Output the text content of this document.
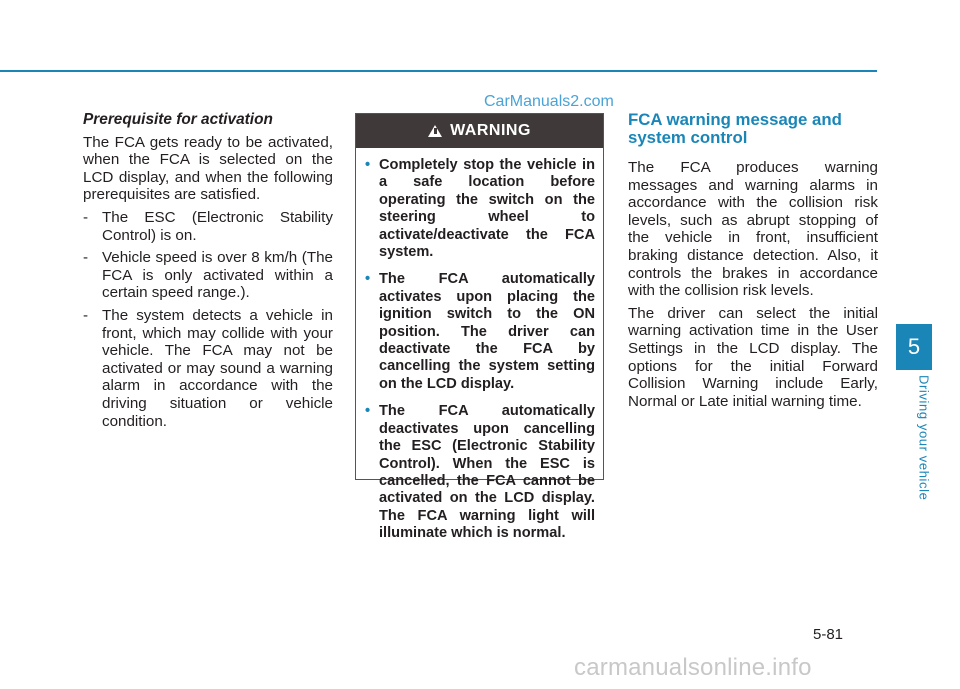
CarManuals2.com

Prerequisite for activation

The FCA gets ready to be activated, when the FCA is selected on the LCD display, and when the following prerequisites are satisfied.

- The ESC (Electronic Stability Control) is on.

- Vehicle speed is over 8 km/h (The FCA is only activated within a certain speed range.).

- The system detects a vehicle in front, which may collide with your vehicle. The FCA may not be activated or may sound a warning alarm in accordance with the driving situation or vehicle condition.

WARNING
• Completely stop the vehicle in a safe location before operating the switch on the steering wheel to activate/deactivate the FCA system.
• The FCA automatically activates upon placing the ignition switch to the ON position. The driver can deactivate the FCA by cancelling the system setting on the LCD display.
• The FCA automatically deactivates upon cancelling the ESC (Electronic Stability Control). When the ESC is cancelled, the FCA cannot be activated on the LCD display. The FCA warning light will illuminate which is normal.

FCA warning message and system control

The FCA produces warning messages and warning alarms in accordance with the collision risk levels, such as abrupt stopping of the vehicle in front, insufficient braking distance detection. Also, it controls the brakes in accordance with the collision risk levels.

The driver can select the initial warning activation time in the User Settings in the LCD display. The options for the initial Forward Collision Warning include Early, Normal or Late initial warning time.

5
Driving your vehicle
5-81
carmanualsonline.info
